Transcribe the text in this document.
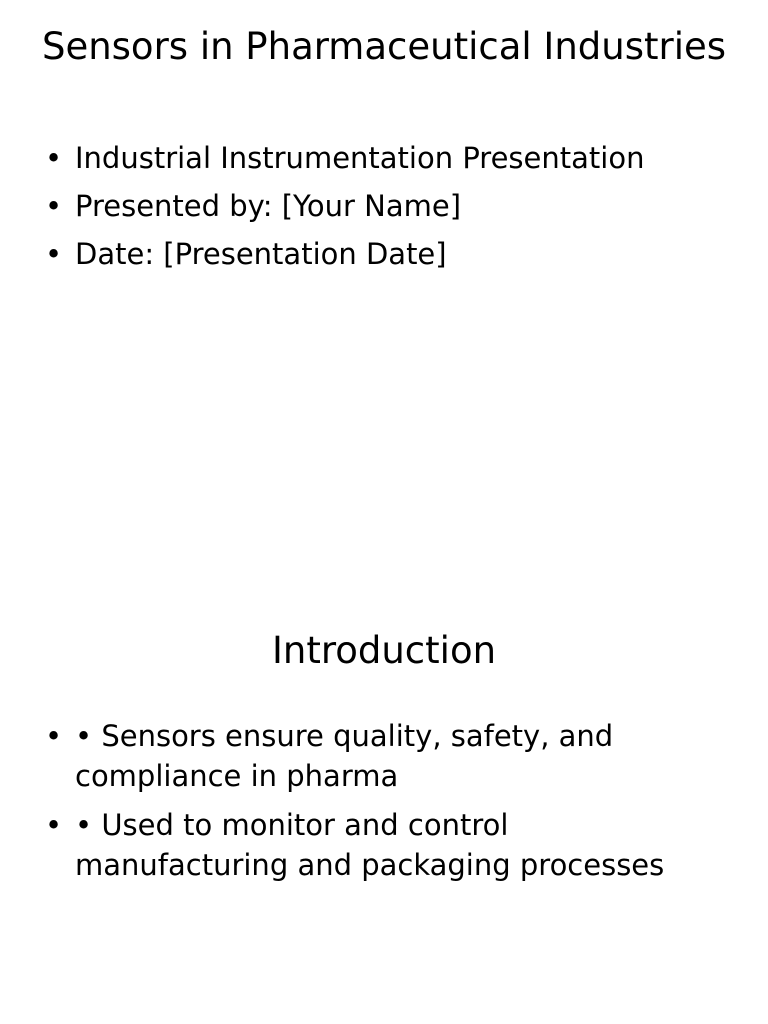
Sensors in Pharmaceutical Industries
• Industrial Instrumentation Presentation
• Presented by: [Your Name]
• Date: [Presentation Date]
Introduction
• • Sensors ensure quality, safety, and compliance in pharma
• • Used to monitor and control manufacturing and packaging processes
